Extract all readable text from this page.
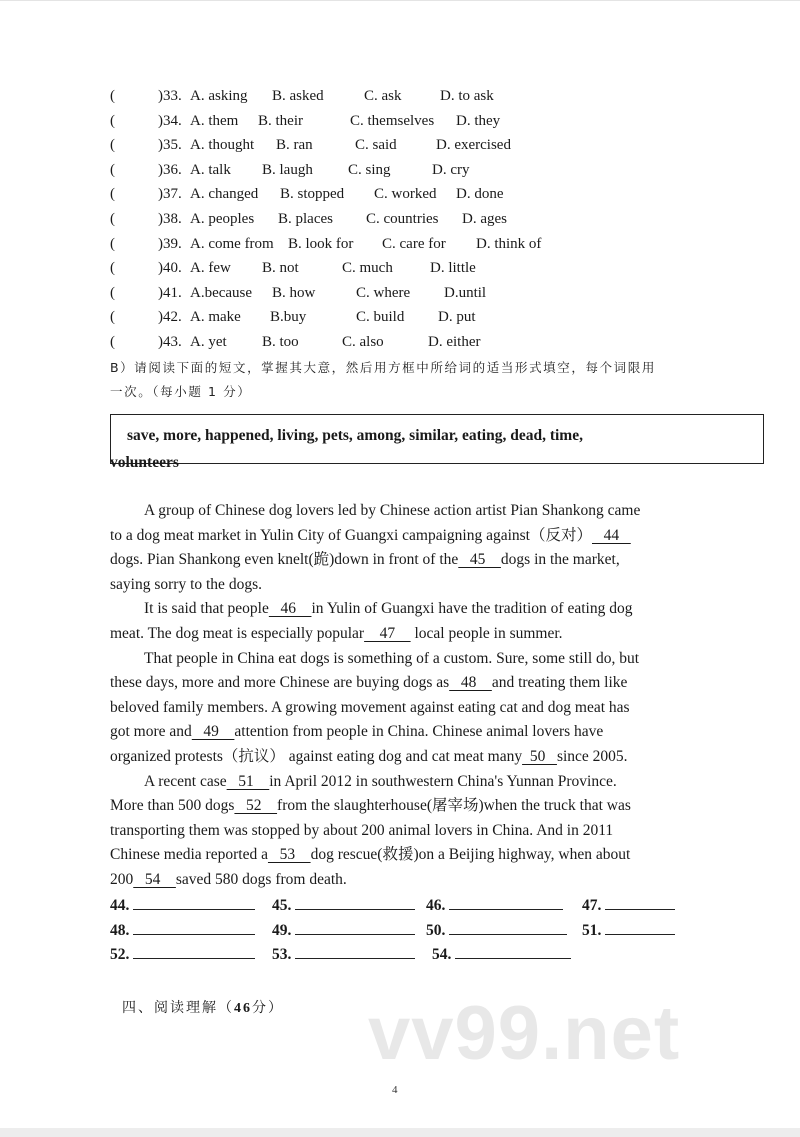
(	)33. A. asking B. asked	C. ask	D. to ask
(	)34. A. them B. their	C. themselves D. they
(	)35. A. thought B. ran	C. said	D. exercised
(	)36. A. talk B. laugh C. sing	D. cry
(	)37. A. changed B. stopped C. worked D. done
(	)38. A. peoples B. places C. countries D. ages
(	)39. A. come from B. look for C. care for D. think of
(	)40. A. few B. not	C. much D. little
(	)41. A.because B. how	C. where D.until
(	)42. A. make B.buy	C. build D. put
(	)43. A. yet B. too	C. also	D. either
B）请阅读下面的短文，掌握其大意，然后用方框中所给词的适当形式填空，每个词限用
一次。（每小题 1 分）
save, more, happened, living, pets, among, similar, eating, dead, time,
volunteers
A group of Chinese dog lovers led by Chinese action artist Pian Shankong came
to a dog meat market in Yulin City of Guangxi campaigning against（反对）   44
dogs. Pian Shankong even knelt(跪)down in front of the   45    dogs in the market,
saying sorry to the dogs.
It is said that people   46    in Yulin of Guangxi have the tradition of eating dog
meat. The dog meat is especially popular    47     local people in summer.
That people in China eat dogs is something of a custom. Sure, some still do, but
these days, more and more Chinese are buying dogs as   48    and treating them like
beloved family members. A growing movement against eating cat and dog meat has
got more and   49    attention from people in China. Chinese animal lovers have
organized protests（抗议） against eating dog and cat meat many  50   since 2005.
A recent case   51    in April 2012 in southwestern China's Yunnan Province.
More than 500 dogs   52    from the slaughterhouse(屠宰场)when the truck that was
transporting them was stopped by about 200 animal lovers in China. And in 2011
Chinese media reported a   53    dog rescue(救援)on a Beijing highway, when about
200   54    saved 580 dogs from death.
44.	45.	46.	47.
48.	49.	50.	51.
52.	53.	54.
vv99.net
四、阅读理解（46分）
4
